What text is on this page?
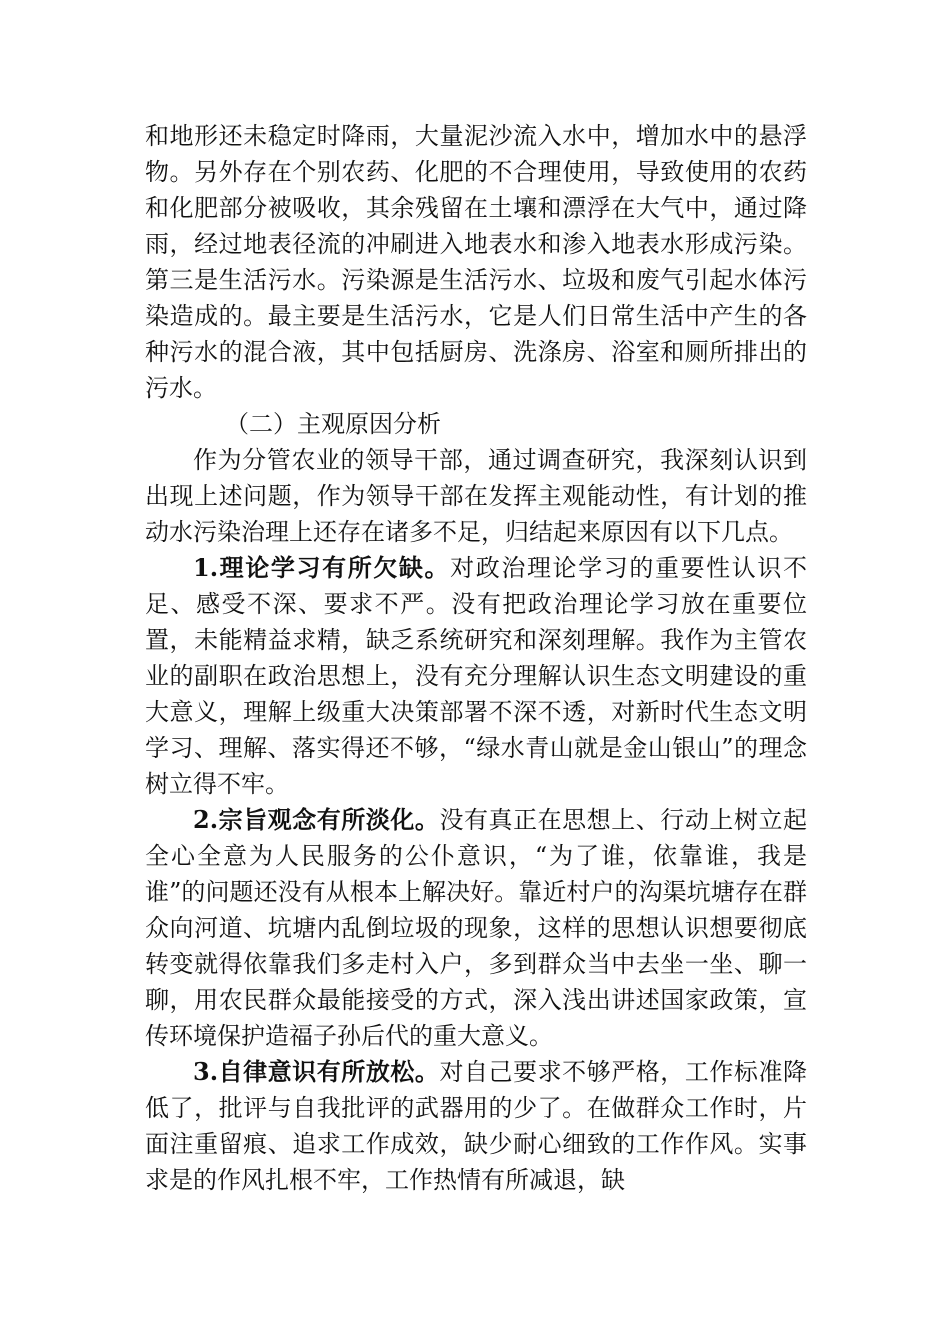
和地形还未稳定时降雨，大量泥沙流入水中，增加水中的悬浮物。另外存在个别农药、化肥的不合理使用，导致使用的农药和化肥部分被吸收，其余残留在土壤和漂浮在大气中，通过降雨，经过地表径流的冲刷进入地表水和渗入地表水形成污染。第三是生活污水。污染源是生活污水、垃圾和废气引起水体污染造成的。最主要是生活污水，它是人们日常生活中产生的各种污水的混合液，其中包括厨房、洗涤房、浴室和厕所排出的污水。

（二）主观原因分析

作为分管农业的领导干部，通过调查研究，我深刻认识到出现上述问题，作为领导干部在发挥主观能动性，有计划的推动水污染治理上还存在诸多不足，归结起来原因有以下几点。

1.理论学习有所欠缺。对政治理论学习的重要性认识不足、感受不深、要求不严。没有把政治理论学习放在重要位置，未能精益求精，缺乏系统研究和深刻理解。我作为主管农业的副职在政治思想上，没有充分理解认识生态文明建设的重大意义，理解上级重大决策部署不深不透，对新时代生态文明学习、理解、落实得还不够，“绿水青山就是金山银山”的理念树立得不牢。

2.宗旨观念有所淡化。没有真正在思想上、行动上树立起全心全意为人民服务的公仆意识，“为了谁，依靠谁，我是谁”的问题还没有从根本上解决好。靠近村户的沟渠坑塘存在群众向河道、坑塘内乱倒垃圾的现象，这样的思想认识想要彻底转变就得依靠我们多走村入户，多到群众当中去坐一坐、聊一聊，用农民群众最能接受的方式，深入浅出讲述国家政策，宣传环境保护造福子孙后代的重大意义。

3.自律意识有所放松。对自己要求不够严格，工作标准降低了，批评与自我批评的武器用的少了。在做群众工作时，片面注重留痕、追求工作成效，缺少耐心细致的工作作风。实事求是的作风扎根不牢，工作热情有所减退，缺
